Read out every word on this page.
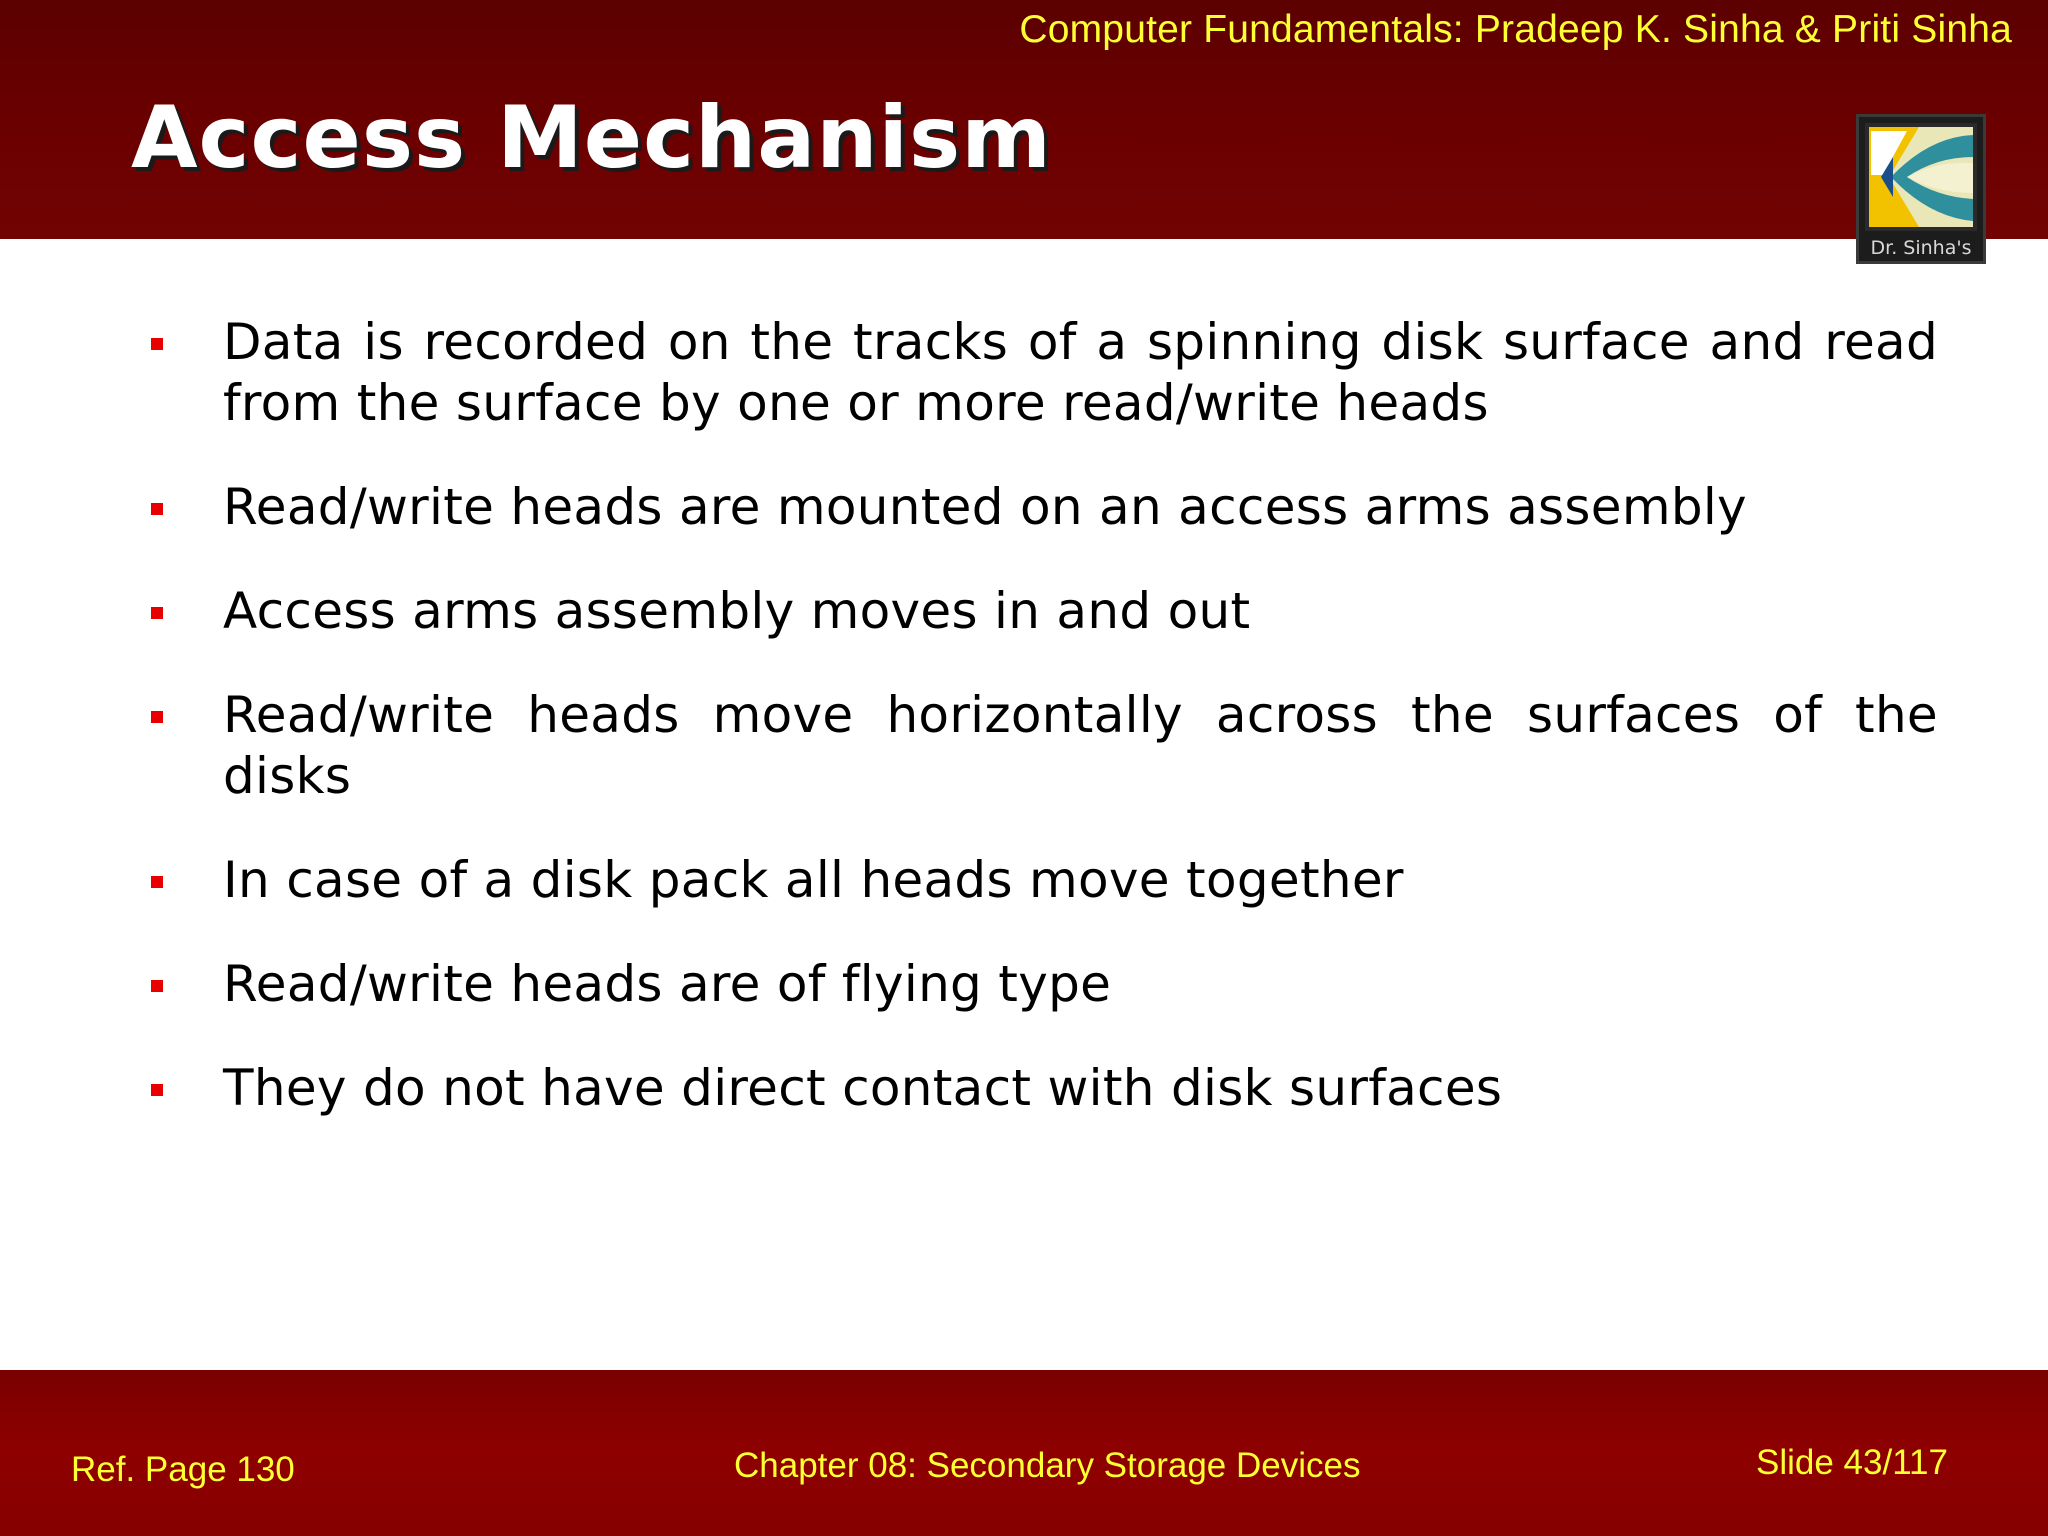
Computer Fundamentals: Pradeep K. Sinha & Priti Sinha
Access Mechanism
Dr. Sinha's
Data is recorded on the tracks of a spinning disk surface and read from the surface by one or more read/write heads
Read/write heads are mounted on an access arms assembly
Access arms assembly moves in and out
Read/write heads move horizontally across the surfaces of the disks
In case of a disk pack all heads move together
Read/write heads are of flying type
They do not have direct contact with disk surfaces
Ref. Page 130	Chapter 08: Secondary Storage Devices	Slide 43/117
